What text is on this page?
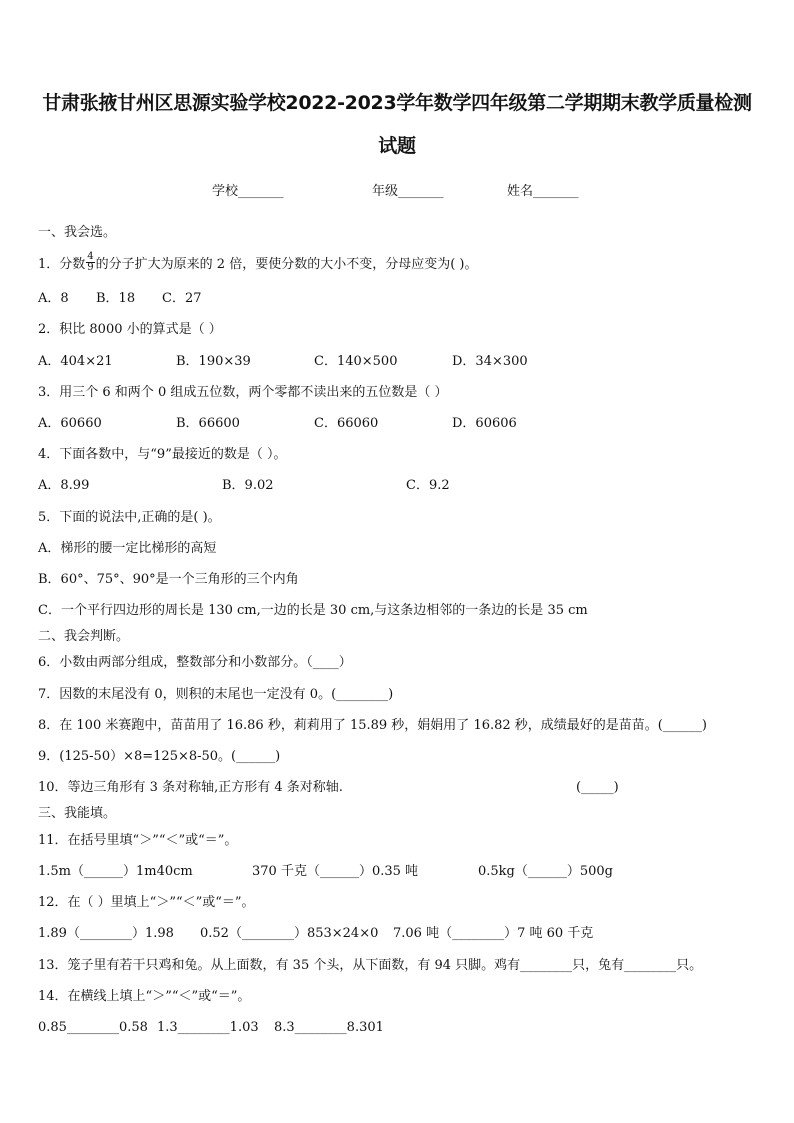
甘肃张掖甘州区思源实验学校2022-2023学年数学四年级第二学期期末教学质量检测
试题
学校_______	年级_______	姓名_______
一、我会选。
1．分数 $\frac{4}{9}$ 的分子扩大为原来的 2 倍，要使分数的大小不变，分母应变为( )。
A．8 B．18 C．27
2．积比 8000 小的算式是（ ）
A．404×21	B．190×39	C．140×500	D．34×300
3．用三个 6 和两个 0 组成五位数，两个零都不读出来的五位数是（ ）
A．60660	B．66600	C．66060	D．60606
4．下面各数中，与“9”最接近的数是（ ）。
A．8.99	B．9.02	C．9.2
5．下面的说法中,正确的是( )。
A．梯形的腰一定比梯形的高短
B．60°、75°、90°是一个三角形的三个内角
C．一个平行四边形的周长是 130 cm,一边的长是 30 cm,与这条边相邻的一条边的长是 35 cm
二、我会判断。
6．小数由两部分组成，整数部分和小数部分。（____）
7．因数的末尾没有 0，则积的末尾也一定没有 0。(________)
8．在 100 米赛跑中，苗苗用了 16.86 秒，莉莉用了 15.89 秒，娟娟用了 16.82 秒，成绩最好的是苗苗。(______)
9．(125-50）×8=125×8-50。(______)
10．等边三角形有 3 条对称轴,正方形有 4 条对称轴.	(_____)
三、我能填。
11．在括号里填“＞”“＜”或“＝”。
1.5m（______）1m40cm	370 千克（______）0.35 吨	0.5kg（______）500g
12．在（ ）里填上“＞”“＜”或“＝”。
1.89（________）1.98 0.52（________）853×24×0 7.06 吨（________）7 吨 60 千克
13．笼子里有若干只鸡和兔。从上面数，有 35 个头，从下面数，有 94 只脚。鸡有________只，兔有________只。
14．在横线上填上“＞”“＜”或“＝”。
0.85________0.58 1.3________1.03 8.3________8.301
